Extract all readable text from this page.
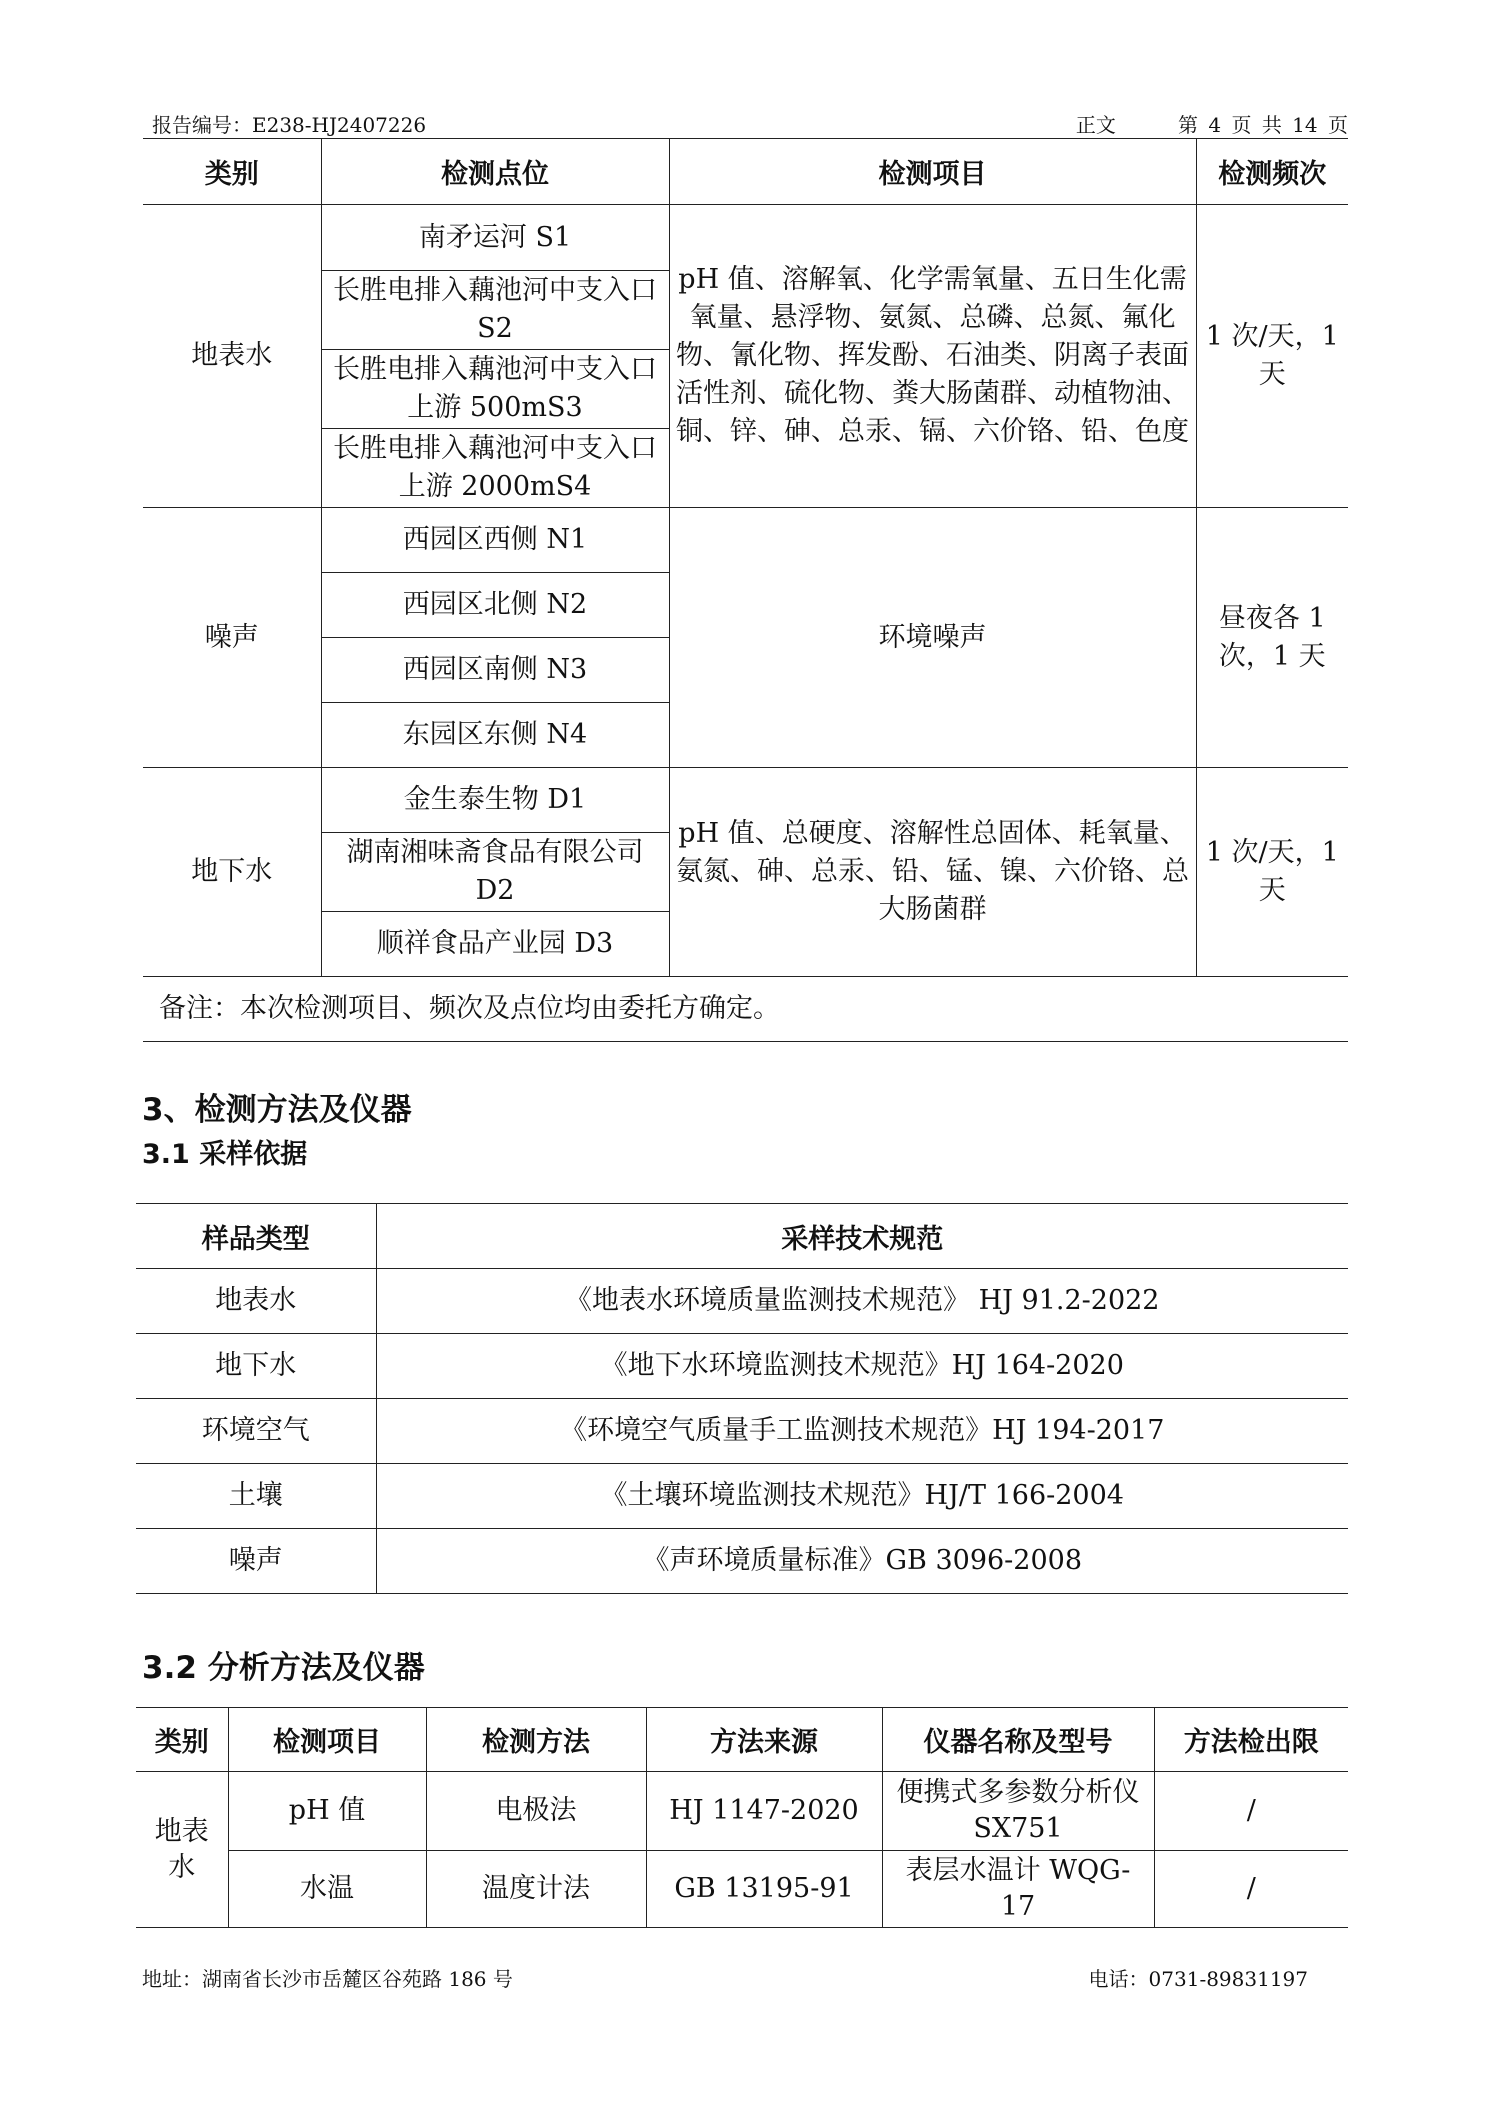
报告编号：E238-HJ2407226	正文	第 4 页 共 14 页
类别	检测点位	检测项目	检测频次
地表水	南矛运河 S1	pH 值、溶解氧、化学需氧量、五日生化需氧量、悬浮物、氨氮、总磷、总氮、氟化物、氰化物、挥发酚、石油类、阴离子表面活性剂、硫化物、粪大肠菌群、动植物油、铜、锌、砷、总汞、镉、六价铬、铅、色度	1 次/天，1 天
	长胜电排入藕池河中支入口 S2		
	长胜电排入藕池河中支入口上游 500mS3		
	长胜电排入藕池河中支入口上游 2000mS4		
噪声	西园区西侧 N1	环境噪声	昼夜各 1 次，1 天
	西园区北侧 N2		
	西园区南侧 N3		
	东园区东侧 N4		
地下水	金生泰生物 D1	pH 值、总硬度、溶解性总固体、耗氧量、氨氮、砷、总汞、铅、锰、镍、六价铬、总大肠菌群	1 次/天，1 天
	湖南湘味斋食品有限公司 D2		
	顺祥食品产业园 D3		
备注：本次检测项目、频次及点位均由委托方确定。			
3、检测方法及仪器
3.1 采样依据
样品类型	采样技术规范
地表水	《地表水环境质量监测技术规范》 HJ 91.2-2022
地下水	《地下水环境监测技术规范》HJ 164-2020
环境空气	《环境空气质量手工监测技术规范》HJ 194-2017
土壤	《土壤环境监测技术规范》HJ/T 166-2004
噪声	《声环境质量标准》GB 3096-2008
3.2 分析方法及仪器
类别	检测项目	检测方法	方法来源	仪器名称及型号	方法检出限
地表水	pH 值	电极法	HJ 1147-2020	便携式多参数分析仪 SX751	/
	水温	温度计法	GB 13195-91	表层水温计 WQG-17	/
地址：湖南省长沙市岳麓区谷苑路 186 号	电话：0731-89831197
